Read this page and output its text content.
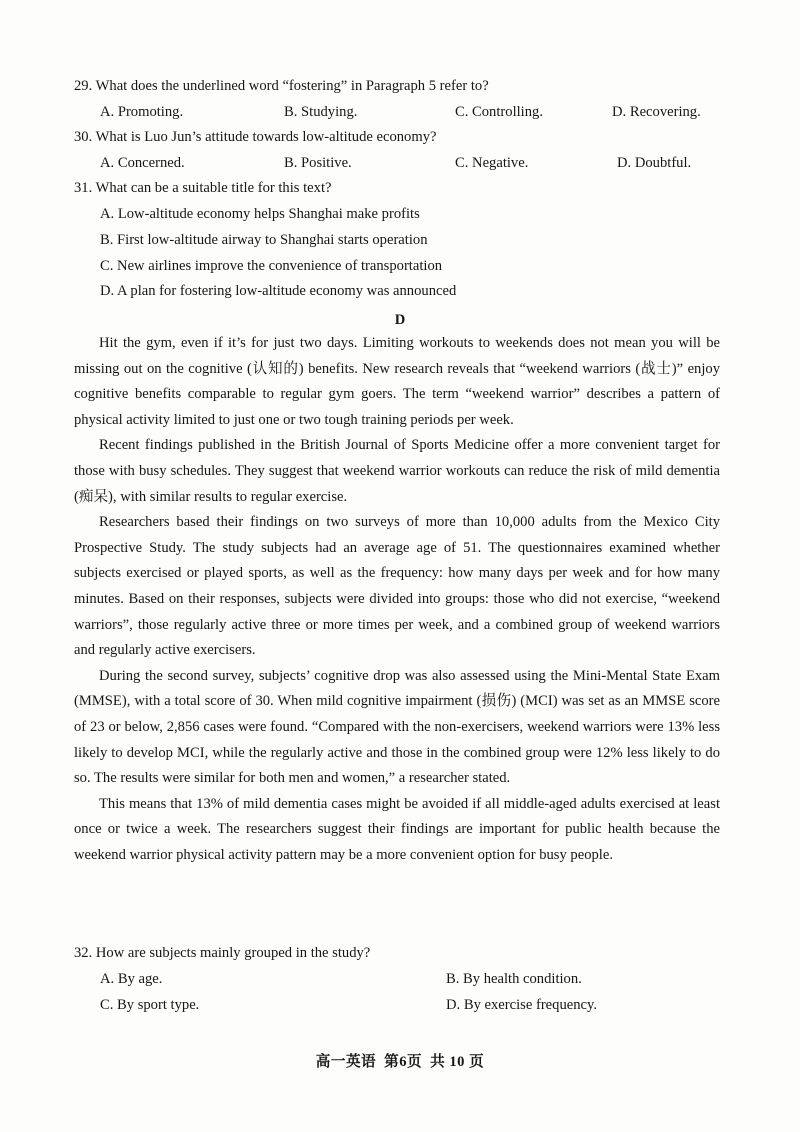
29. What does the underlined word “fostering” in Paragraph 5 refer to?
A. Promoting.	B. Studying.	C. Controlling.	D. Recovering.
30. What is Luo Jun’s attitude towards low-altitude economy?
A. Concerned.	B. Positive.	C. Negative.	D. Doubtful.
31. What can be a suitable title for this text?
A. Low-altitude economy helps Shanghai make profits
B. First low-altitude airway to Shanghai starts operation
C. New airlines improve the convenience of transportation
D. A plan for fostering low-altitude economy was announced
D

Hit the gym, even if it’s for just two days. Limiting workouts to weekends does not mean you will be missing out on the cognitive (认知的) benefits. New research reveals that “weekend warriors (战士)” enjoy cognitive benefits comparable to regular gym goers. The term “weekend warrior” describes a pattern of physical activity limited to just one or two tough training periods per week.

Recent findings published in the British Journal of Sports Medicine offer a more convenient target for those with busy schedules. They suggest that weekend warrior workouts can reduce the risk of mild dementia (痴呆), with similar results to regular exercise.

Researchers based their findings on two surveys of more than 10,000 adults from the Mexico City Prospective Study. The study subjects had an average age of 51. The questionnaires examined whether subjects exercised or played sports, as well as the frequency: how many days per week and for how many minutes. Based on their responses, subjects were divided into groups: those who did not exercise, “weekend warriors”, those regularly active three or more times per week, and a combined group of weekend warriors and regularly active exercisers.

During the second survey, subjects’ cognitive drop was also assessed using the Mini-Mental State Exam (MMSE), with a total score of 30. When mild cognitive impairment (损伤) (MCI) was set as an MMSE score of 23 or below, 2,856 cases were found. “Compared with the non-exercisers, weekend warriors were 13% less likely to develop MCI, while the regularly active and those in the combined group were 12% less likely to do so. The results were similar for both men and women,” a researcher stated.

This means that 13% of mild dementia cases might be avoided if all middle-aged adults exercised at least once or twice a week. The researchers suggest their findings are important for public health because the weekend warrior physical activity pattern may be a more convenient option for busy people.

32. How are subjects mainly grouped in the study?
A. By age.	B. By health condition.
C. By sport type.	D. By exercise frequency.
高一英语 第6页 共 10 页
